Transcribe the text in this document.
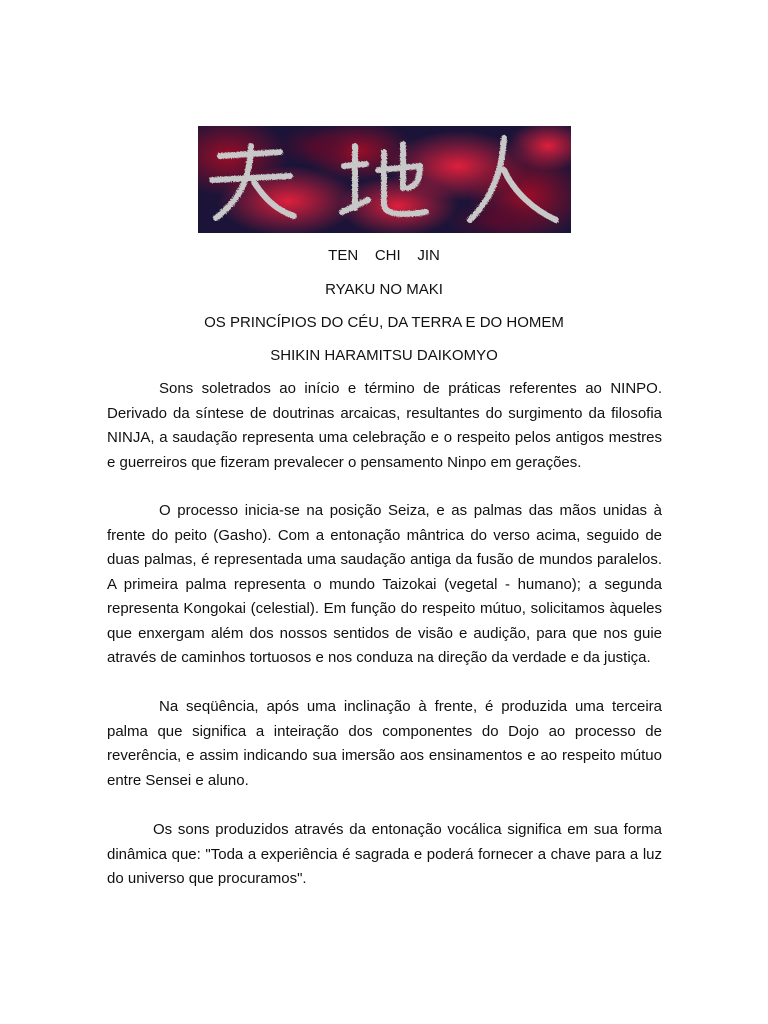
TEN    CHI    JIN
RYAKU NO MAKI
OS PRINCÍPIOS DO CÉU, DA TERRA E DO HOMEM
SHIKIN HARAMITSU DAIKOMYO

Sons soletrados ao início e término de práticas referentes ao NINPO. Derivado da síntese de doutrinas arcaicas, resultantes do surgimento da filosofia NINJA, a saudação representa uma celebração e o respeito pelos antigos mestres e guerreiros que fizeram prevalecer o pensamento Ninpo em gerações.

O processo inicia-se na posição Seiza, e as palmas das mãos unidas à frente do peito (Gasho). Com a entonação mântrica do verso acima, seguido de duas palmas, é representada uma saudação antiga da fusão de mundos paralelos. A primeira palma representa o mundo Taizokai (vegetal - humano); a segunda representa Kongokai (celestial). Em função do respeito mútuo, solicitamos àqueles que enxergam além dos nossos sentidos de visão e audição, para que nos guie através de caminhos tortuosos e nos conduza na direção da verdade e da justiça.

Na seqüência, após uma inclinação à frente, é produzida uma terceira palma que significa a inteiração dos componentes do Dojo ao processo de reverência, e assim indicando sua imersão aos ensinamentos e ao respeito mútuo entre Sensei e aluno.

Os sons produzidos através da entonação vocálica significa em sua forma dinâmica que: "Toda a experiência é sagrada e poderá fornecer a chave para a luz do universo que procuramos".
